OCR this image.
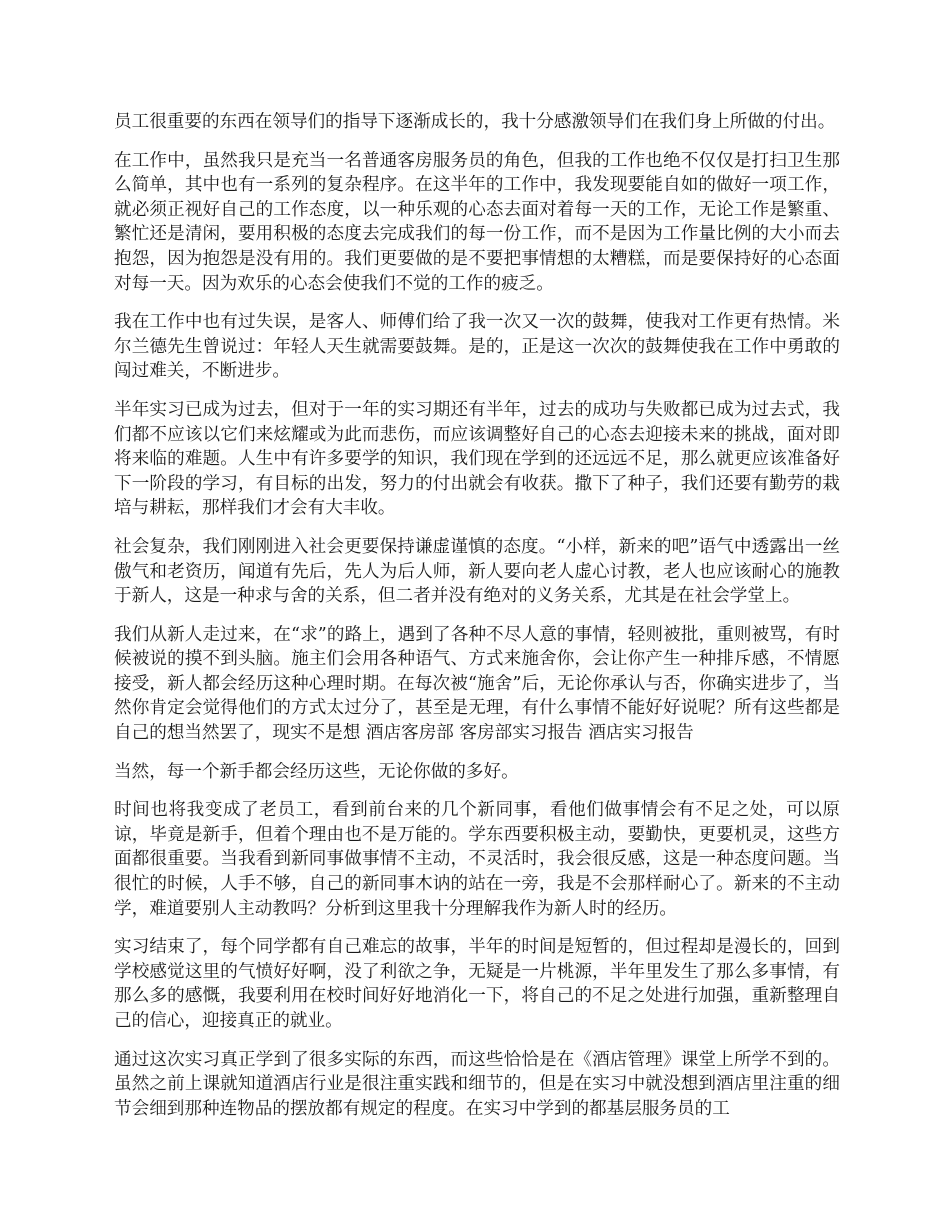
员工很重要的东西在领导们的指导下逐渐成长的，我十分感激领导们在我们身上所做的付出。

在工作中，虽然我只是充当一名普通客房服务员的角色，但我的工作也绝不仅仅是打扫卫生那么简单，其中也有一系列的复杂程序。在这半年的工作中，我发现要能自如的做好一项工作，就必须正视好自己的工作态度，以一种乐观的心态去面对着每一天的工作，无论工作是繁重、繁忙还是清闲，要用积极的态度去完成我们的每一份工作，而不是因为工作量比例的大小而去抱怨，因为抱怨是没有用的。我们更要做的是不要把事情想的太糟糕，而是要保持好的心态面对每一天。因为欢乐的心态会使我们不觉的工作的疲乏。

我在工作中也有过失误，是客人、师傅们给了我一次又一次的鼓舞，使我对工作更有热情。米尔兰德先生曾说过：年轻人天生就需要鼓舞。是的，正是这一次次的鼓舞使我在工作中勇敢的闯过难关，不断进步。

半年实习已成为过去，但对于一年的实习期还有半年，过去的成功与失败都已成为过去式，我们都不应该以它们来炫耀或为此而悲伤，而应该调整好自己的心态去迎接未来的挑战，面对即将来临的难题。人生中有许多要学的知识，我们现在学到的还远远不足，那么就更应该准备好下一阶段的学习，有目标的出发，努力的付出就会有收获。撒下了种子，我们还要有勤劳的栽培与耕耘，那样我们才会有大丰收。

社会复杂，我们刚刚进入社会更要保持谦虚谨慎的态度。“小样，新来的吧”语气中透露出一丝傲气和老资历，闻道有先后，先人为后人师，新人要向老人虚心讨教，老人也应该耐心的施教于新人，这是一种求与舍的关系，但二者并没有绝对的义务关系，尤其是在社会学堂上。

我们从新人走过来，在“求”的路上，遇到了各种不尽人意的事情，轻则被批，重则被骂，有时候被说的摸不到头脑。施主们会用各种语气、方式来施舍你，会让你产生一种排斥感，不情愿接受，新人都会经历这种心理时期。在每次被“施舍”后，无论你承认与否，你确实进步了，当然你肯定会觉得他们的方式太过分了，甚至是无理，有什么事情不能好好说呢？所有这些都是自己的想当然罢了，现实不是想 酒店客房部 客房部实习报告 酒店实习报告

当然，每一个新手都会经历这些，无论你做的多好。

时间也将我变成了老员工，看到前台来的几个新同事，看他们做事情会有不足之处，可以原谅，毕竟是新手，但着个理由也不是万能的。学东西要积极主动，要勤快，更要机灵，这些方面都很重要。当我看到新同事做事情不主动，不灵活时，我会很反感，这是一种态度问题。当很忙的时候，人手不够，自己的新同事木讷的站在一旁，我是不会那样耐心了。新来的不主动学，难道要别人主动教吗？分析到这里我十分理解我作为新人时的经历。

实习结束了，每个同学都有自己难忘的故事，半年的时间是短暂的，但过程却是漫长的，回到学校感觉这里的气愤好好啊，没了利欲之争，无疑是一片桃源，半年里发生了那么多事情，有那么多的感慨，我要利用在校时间好好地消化一下，将自己的不足之处进行加强，重新整理自己的信心，迎接真正的就业。

通过这次实习真正学到了很多实际的东西，而这些恰恰是在《酒店管理》课堂上所学不到的。虽然之前上课就知道酒店行业是很注重实践和细节的，但是在实习中就没想到酒店里注重的细节会细到那种连物品的摆放都有规定的程度。在实习中学到的都基层服务员的工
